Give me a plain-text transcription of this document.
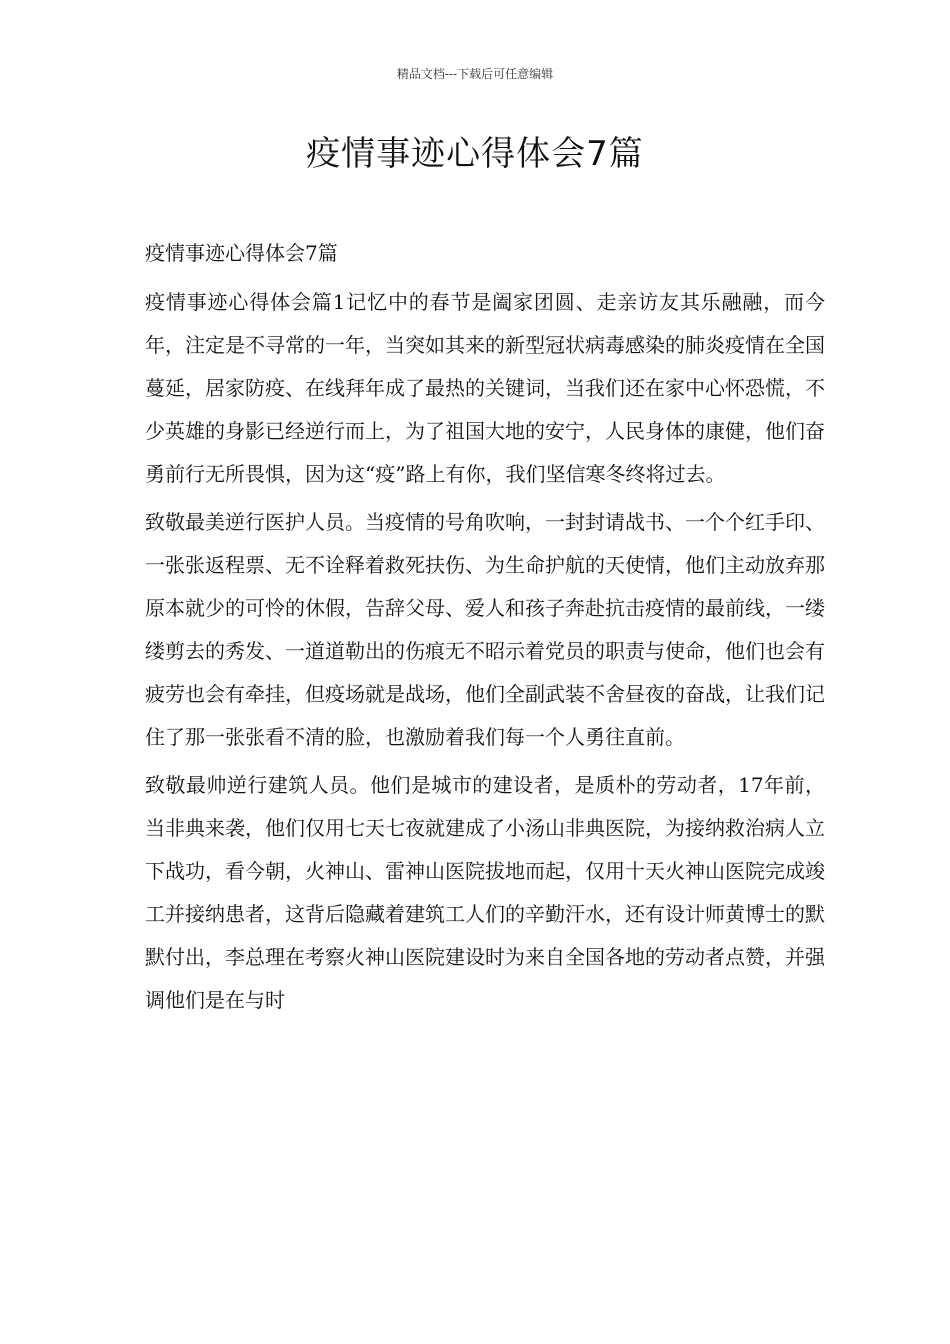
精品文档---下载后可任意编辑
疫情事迹心得体会7篇

疫情事迹心得体会7篇

疫情事迹心得体会篇1记忆中的春节是阖家团圆、走亲访友其乐融融，而今年，注定是不寻常的一年，当突如其来的新型冠状病毒感染的肺炎疫情在全国蔓延，居家防疫、在线拜年成了最热的关键词，当我们还在家中心怀恐慌，不少英雄的身影已经逆行而上，为了祖国大地的安宁，人民身体的康健，他们奋勇前行无所畏惧，因为这“疫”路上有你，我们坚信寒冬终将过去。

致敬最美逆行医护人员。当疫情的号角吹响，一封封请战书、一个个红手印、一张张返程票、无不诠释着救死扶伤、为生命护航的天使情，他们主动放弃那原本就少的可怜的休假，告辞父母、爱人和孩子奔赴抗击疫情的最前线，一缕缕剪去的秀发、一道道勒出的伤痕无不昭示着党员的职责与使命，他们也会有疲劳也会有牵挂，但疫场就是战场，他们全副武装不舍昼夜的奋战，让我们记住了那一张张看不清的脸，也激励着我们每一个人勇往直前。

致敬最帅逆行建筑人员。他们是城市的建设者，是质朴的劳动者，17年前，当非典来袭，他们仅用七天七夜就建成了小汤山非典医院，为接纳救治病人立下战功，看今朝，火神山、雷神山医院拔地而起，仅用十天火神山医院完成竣工并接纳患者，这背后隐藏着建筑工人们的辛勤汗水，还有设计师黄博士的默默付出，李总理在考察火神山医院建设时为来自全国各地的劳动者点赞，并强调他们是在与时
